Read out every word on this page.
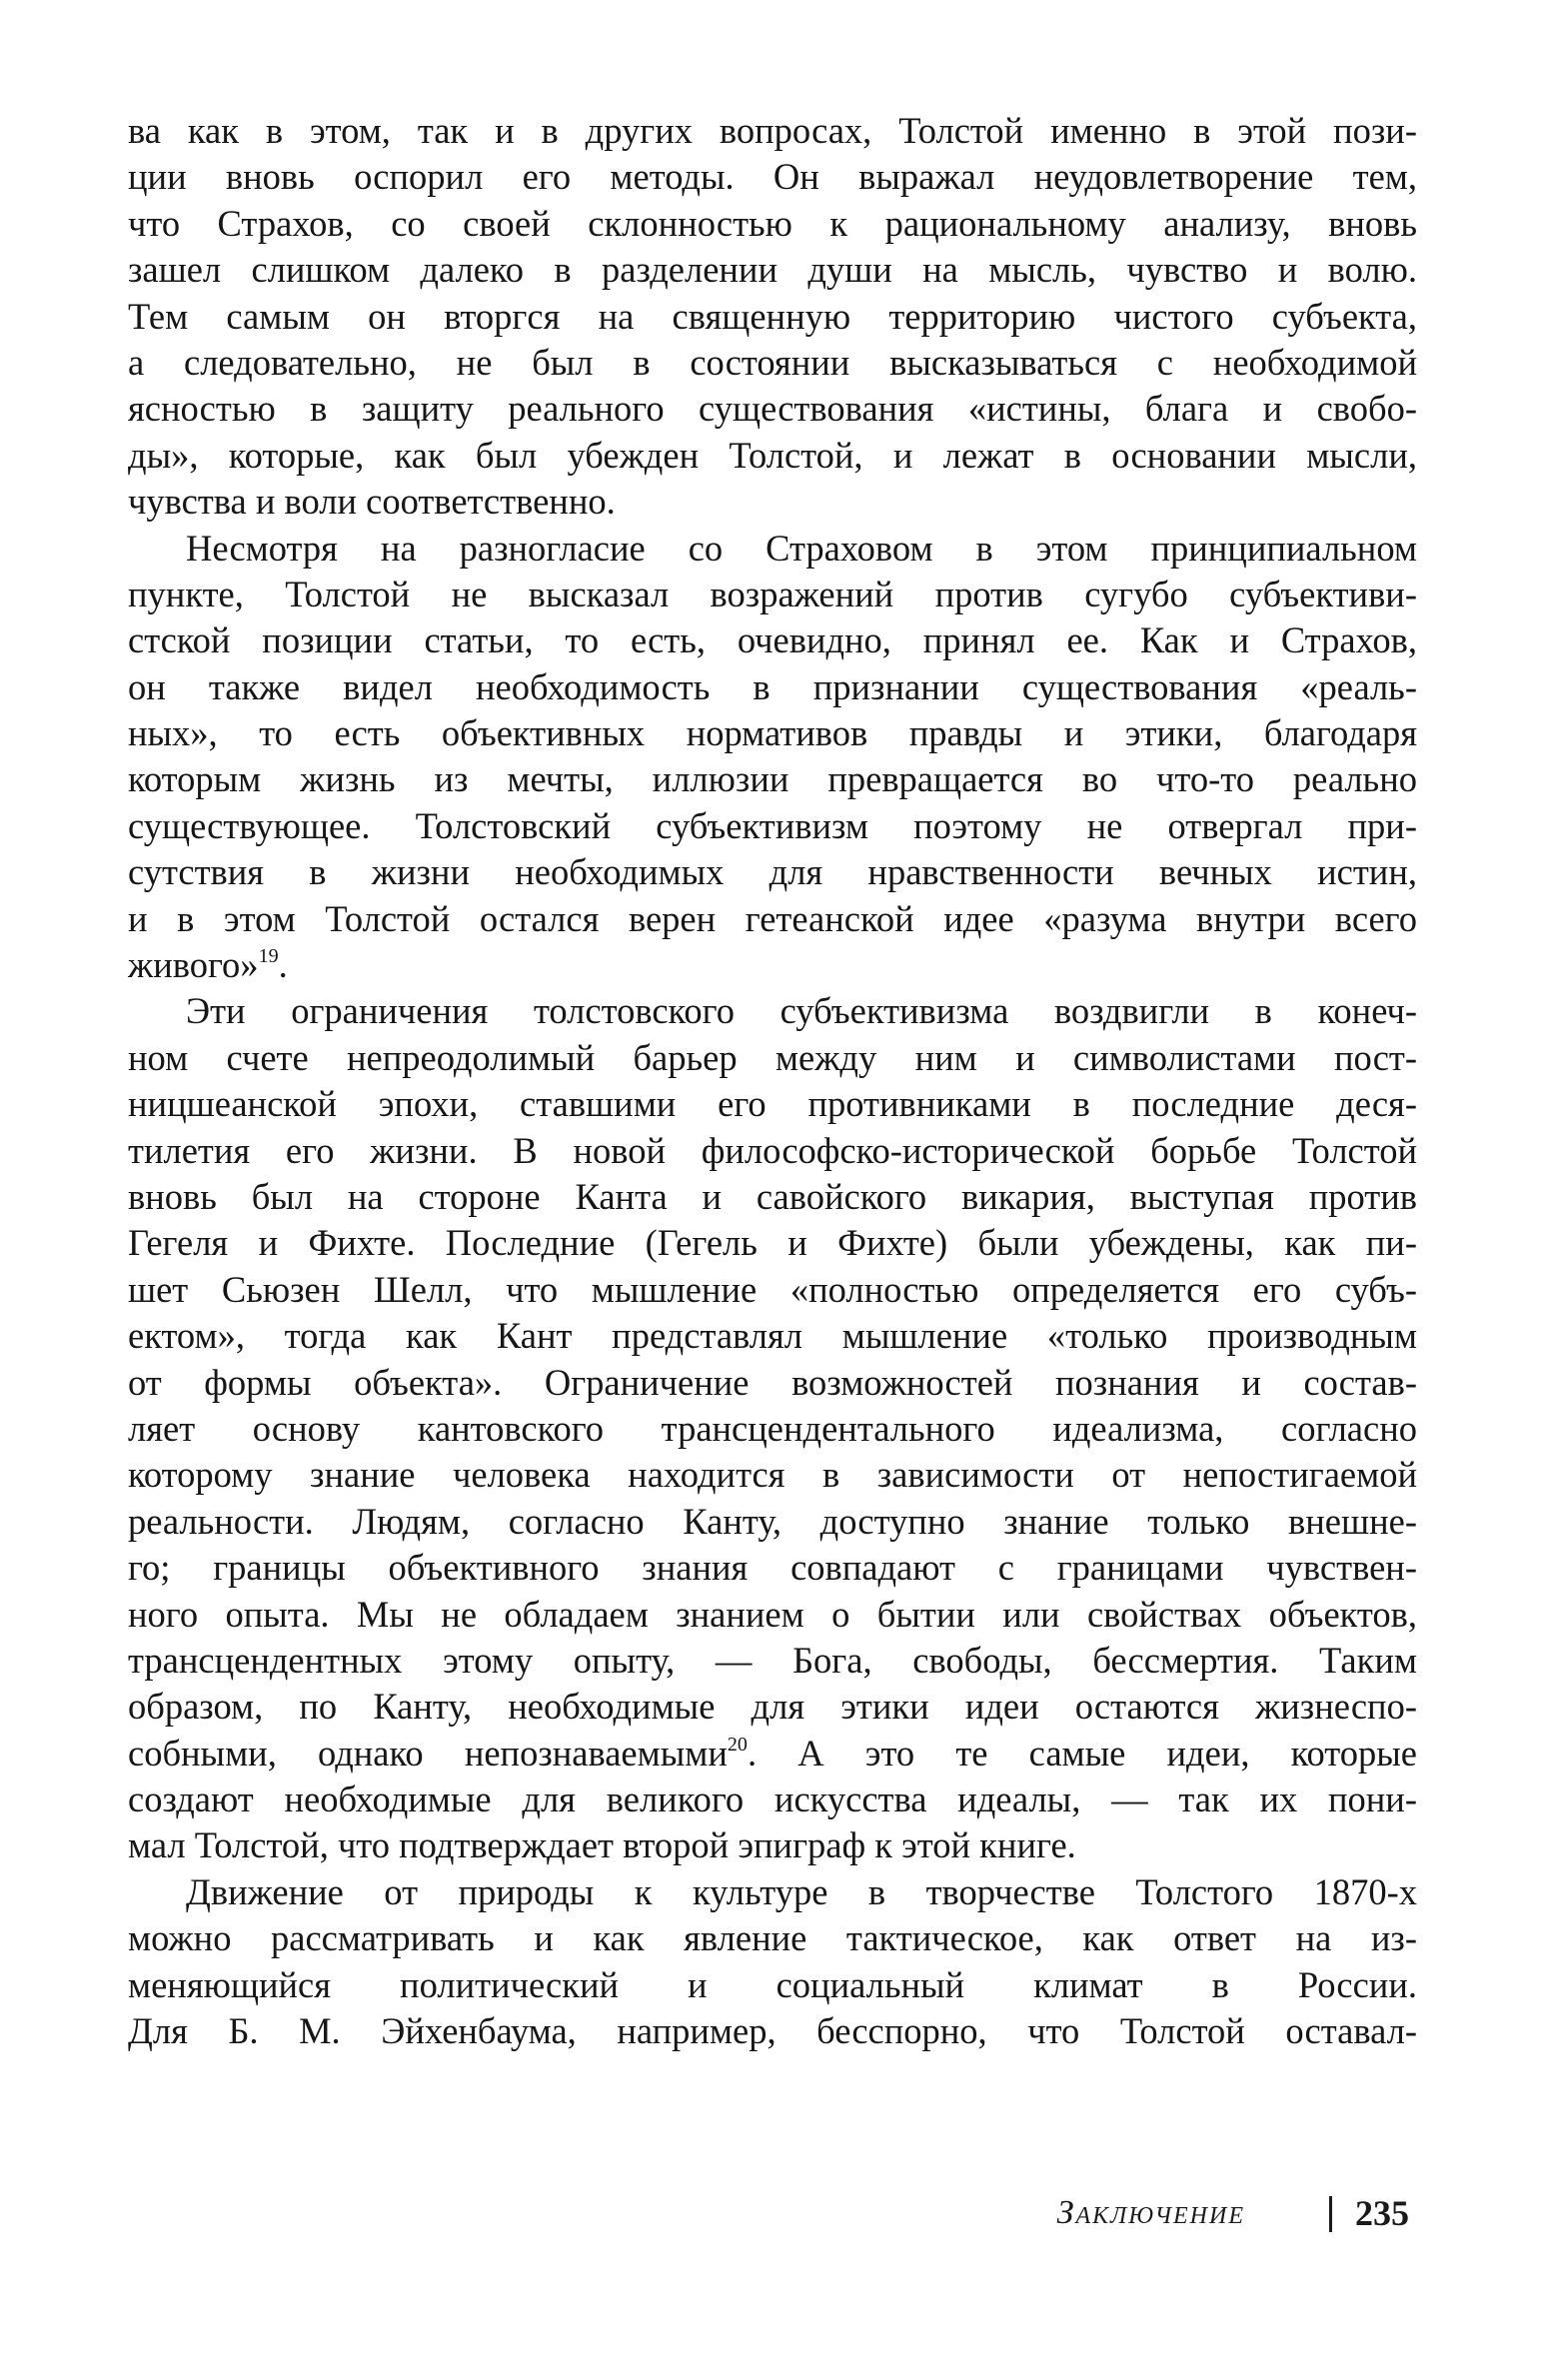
ва как в этом, так и в других вопросах, Толстой именно в этой пози-
ции вновь оспорил его методы. Он выражал неудовлетворение тем,
что Страхов, со своей склонностью к рациональному анализу, вновь
зашел слишком далеко в разделении души на мысль, чувство и волю.
Тем самым он вторгся на священную территорию чистого субъекта,
а следовательно, не был в состоянии высказываться с необходимой
ясностью в защиту реального существования «истины, блага и свобо-
ды», которые, как был убежден Толстой, и лежат в основании мысли,
чувства и воли соответственно.
Несмотря на разногласие со Страховом в этом принципиальном
пункте, Толстой не высказал возражений против сугубо субъективи-
стской позиции статьи, то есть, очевидно, принял ее. Как и Страхов,
он также видел необходимость в признании существования «реаль-
ных», то есть объективных нормативов правды и этики, благодаря
которым жизнь из мечты, иллюзии превращается во что-то реально
существующее. Толстовский субъективизм поэтому не отвергал при-
сутствия в жизни необходимых для нравственности вечных истин,
и в этом Толстой остался верен гетеанской идее «разума внутри всего
живого»$^{19}$.
Эти ограничения толстовского субъективизма воздвигли в конеч-
ном счете непреодолимый барьер между ним и символистами пост-
ницшеанской эпохи, ставшими его противниками в последние деся-
тилетия его жизни. В новой философско-исторической борьбе Толстой
вновь был на стороне Канта и савойского викария, выступая против
Гегеля и Фихте. Последние (Гегель и Фихте) были убеждены, как пи-
шет Сьюзен Шелл, что мышление «полностью определяется его субъ-
ектом», тогда как Кант представлял мышление «только производным
от формы объекта». Ограничение возможностей познания и состав-
ляет основу кантовского трансцендентального идеализма, согласно
которому знание человека находится в зависимости от непостигаемой
реальности. Людям, согласно Канту, доступно знание только внешне-
го; границы объективного знания совпадают с границами чувствен-
ного опыта. Мы не обладаем знанием о бытии или свойствах объектов,
трансцендентных этому опыту, — Бога, свободы, бессмертия. Таким
образом, по Канту, необходимые для этики идеи остаются жизнеспо-
собными, однако непознаваемыми$^{20}$. А это те самые идеи, которые
создают необходимые для великого искусства идеалы, — так их пони-
мал Толстой, что подтверждает второй эпиграф к этой книге.
Движение от природы к культуре в творчестве Толстого 1870-х
можно рассматривать и как явление тактическое, как ответ на из-
меняющийся политический и социальный климат в России.
Для Б. М. Эйхенбаума, например, бесспорно, что Толстой оставал-
Заключение	235
